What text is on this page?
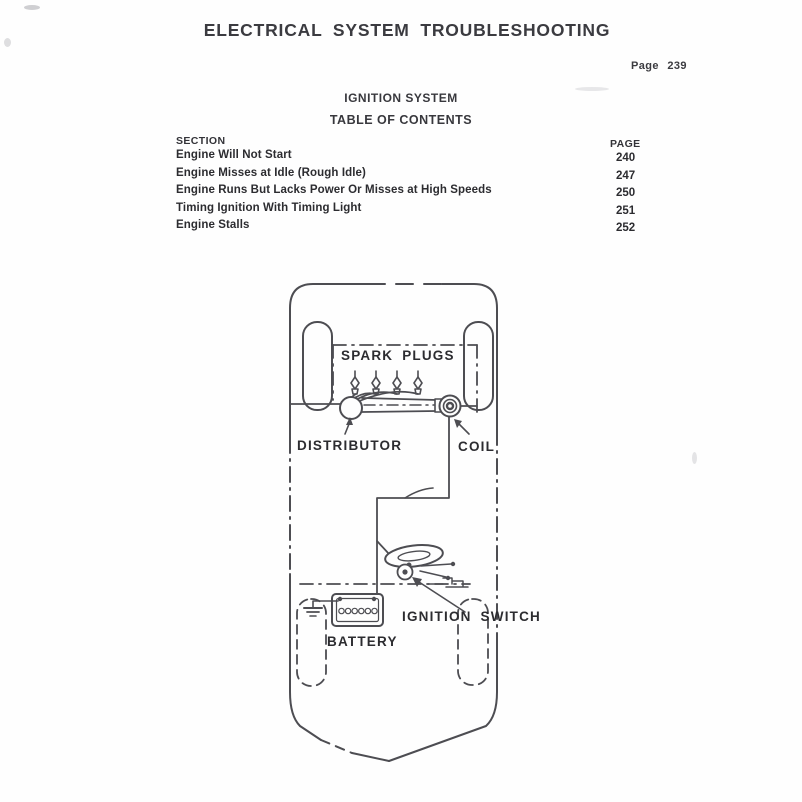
ELECTRICAL SYSTEM TROUBLESHOOTING
Page 239
IGNITION SYSTEM
TABLE OF CONTENTS
SECTION	PAGE
Engine Will Not Start	240
Engine Misses at Idle (Rough Idle)	247
Engine Runs But Lacks Power Or Misses at High Speeds	250
Timing Ignition With Timing Light	251
Engine Stalls	252
SPARK PLUGS
DISTRIBUTOR	COIL
IGNITION SWITCH
BATTERY
